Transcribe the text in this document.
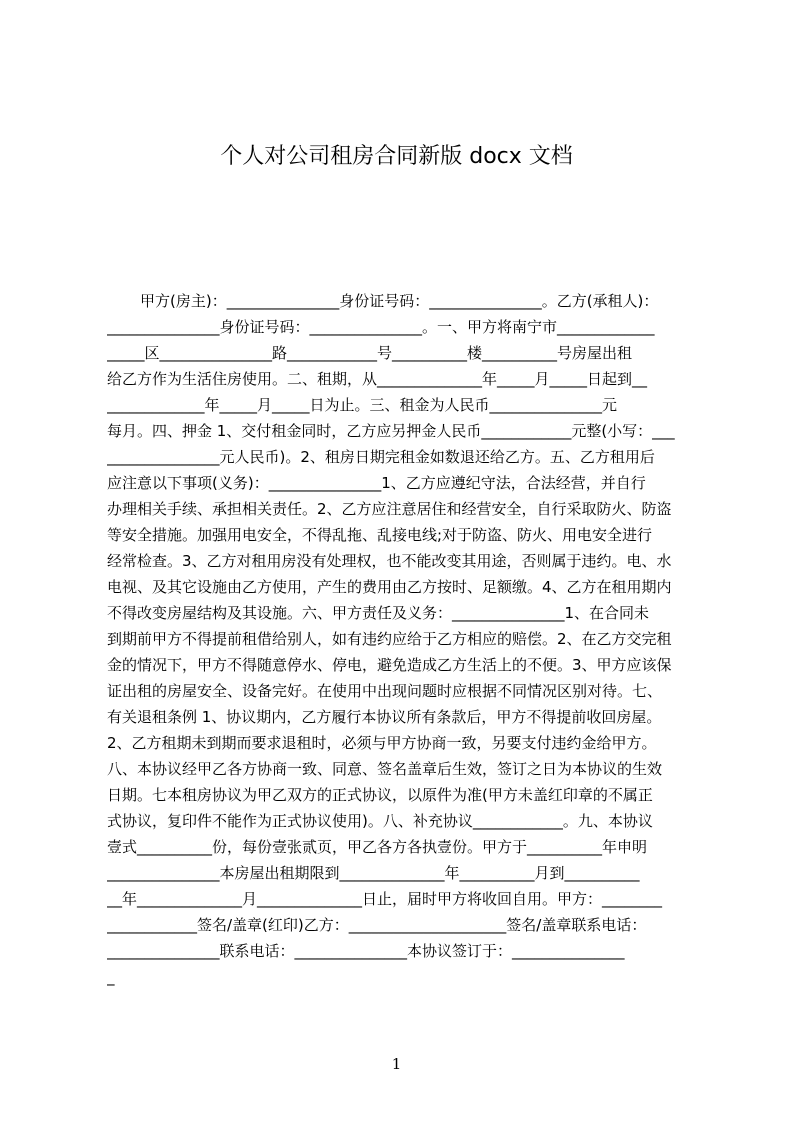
个人对公司租房合同新版 docx 文档
甲方(房主)：_______________身份证号码：_______________。乙方(承租人)：
_______________身份证号码：_______________。一、甲方将南宁市_____________
_____区_______________路____________号__________楼__________号房屋出租
给乙方作为生活住房使用。二、租期，从______________年_____月_____日起到__
_____________年_____月_____日为止。三、租金为人民币_______________元
每月。四、押金 1、交付租金同时，乙方应另押金人民币____________元整(小写：___
_______________元人民币)。2、租房日期完租金如数退还给乙方。五、乙方租用后
应注意以下事项(义务)：_______________1、乙方应遵纪守法，合法经营，并自行
办理相关手续、承担相关责任。2、乙方应注意居住和经营安全，自行采取防火、防盗
等安全措施。加强用电安全，不得乱拖、乱接电线;对于防盗、防火、用电安全进行
经常检查。3、乙方对租用房没有处理权，也不能改变其用途，否则属于违约。电、水
电视、及其它设施由乙方使用，产生的费用由乙方按时、足额缴。4、乙方在租用期内
不得改变房屋结构及其设施。六、甲方责任及义务：_______________1、在合同未
到期前甲方不得提前租借给别人，如有违约应给于乙方相应的赔偿。2、在乙方交完租
金的情况下，甲方不得随意停水、停电，避免造成乙方生活上的不便。3、甲方应该保
证出租的房屋安全、设备完好。在使用中出现问题时应根据不同情况区别对待。七、
有关退租条例 1、协议期内，乙方履行本协议所有条款后，甲方不得提前收回房屋。
2、乙方租期未到期而要求退租时，必须与甲方协商一致，另要支付违约金给甲方。
八、本协议经甲乙各方协商一致、同意、签名盖章后生效，签订之日为本协议的生效
日期。七本租房协议为甲乙双方的正式协议，以原件为准(甲方未盖红印章的不属正
式协议，复印件不能作为正式协议使用)。八、补充协议____________。九、本协议
壹式__________份，每份壹张贰页，甲乙各方各执壹份。甲方于__________年申明
_______________本房屋出租期限到______________年__________月到__________
__年______________月______________日止，届时甲方将收回自用。甲方：________
____________签名/盖章(红印)乙方：_____________________签名/盖章联系电话：
_______________联系电话：_______________本协议签订于：_______________
_
1
